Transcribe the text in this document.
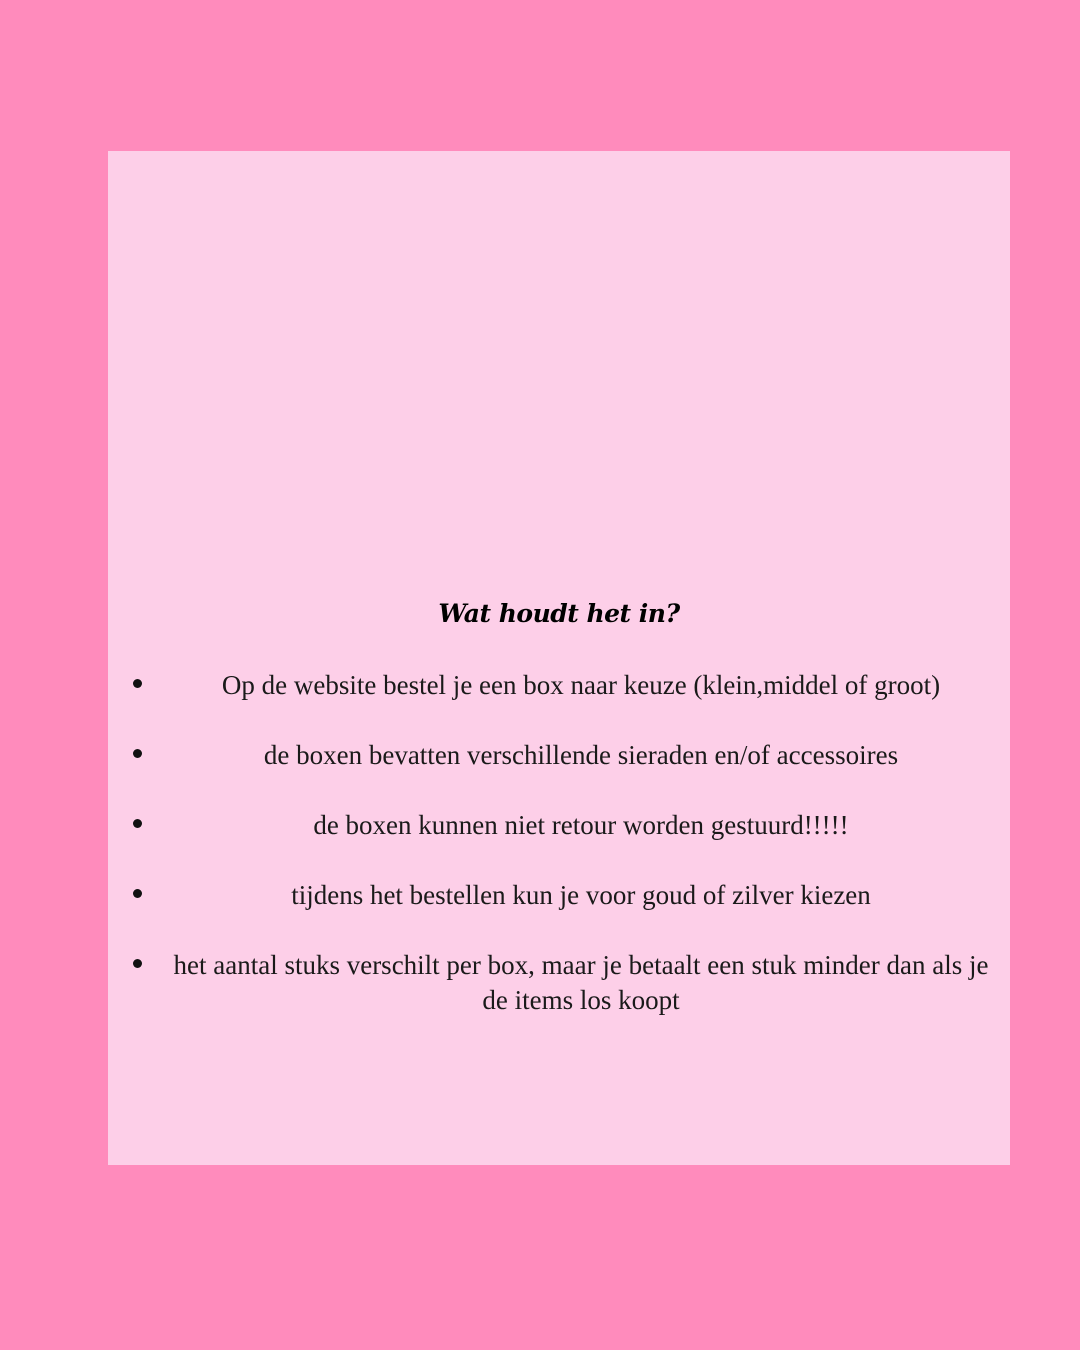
Wat houdt het in?
Op de website bestel je een box naar keuze (klein,middel of groot)
de boxen bevatten verschillende sieraden en/of accessoires
de boxen kunnen niet retour worden gestuurd!!!!!
tijdens het bestellen kun je voor goud of zilver kiezen
het aantal stuks verschilt per box, maar je betaalt een stuk minder dan als je de items los koopt
